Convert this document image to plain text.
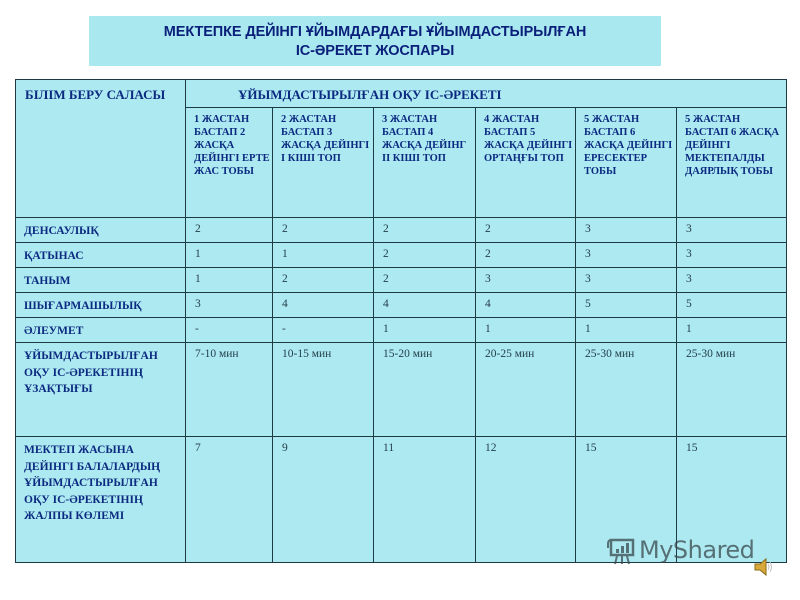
МЕКТЕПКЕ ДЕЙІНГІ ҰЙЫМДАРДАҒЫ ҰЙЫМДАСТЫРЫЛҒАН
ІС-ӘРЕКЕТ ЖОСПАРЫ
БІЛІМ БЕРУ САЛАСЫ	ҰЙЫМДАСТЫРЫЛҒАН ОҚУ ІС-ӘРЕКЕТІ					
	1 ЖАСТАН БАСТАП 2 ЖАСҚА ДЕЙІНГІ ЕРТЕ ЖАС ТОБЫ	2 ЖАСТАН БАСТАП 3 ЖАСҚА ДЕЙІНГІ І КІШІ ТОП	3 ЖАСТАН БАСТАП 4 ЖАСҚА ДЕЙІНГ ІІ КІШІ ТОП	4 ЖАСТАН БАСТАП 5 ЖАСҚА ДЕЙІНГІ ОРТАҢҒЫ ТОП	5 ЖАСТАН БАСТАП 6 ЖАСҚА ДЕЙІНГІ ЕРЕСЕКТЕР ТОБЫ	5 ЖАСТАН БАСТАП 6 ЖАСҚА ДЕЙІНГІ МЕКТЕПАЛДЫ ДАЯРЛЫҚ ТОБЫ
ДЕНСАУЛЫҚ	2	2	2	2	3	3
ҚАТЫНАС	1	1	2	2	3	3
ТАНЫМ	1	2	2	3	3	3
ШЫҒАРМАШЫЛЫҚ	3	4	4	4	5	5
ӘЛЕУМЕТ	-	-	1	1	1	1
ҰЙЫМДАСТЫРЫЛҒАН ОҚУ ІС-ӘРЕКЕТІНІҢ ҰЗАҚТЫҒЫ	7-10 мин	10-15 мин	15-20 мин	20-25 мин	25-30 мин	25-30 мин
МЕКТЕП ЖАСЫНА ДЕЙІНГІ БАЛАЛАРДЫҢ ҰЙЫМДАСТЫРЫЛҒАН ОҚУ ІС-ӘРЕКЕТІНІҢ ЖАЛПЫ КӨЛЕМІ	7	9	11	12	15	15
MyShared
